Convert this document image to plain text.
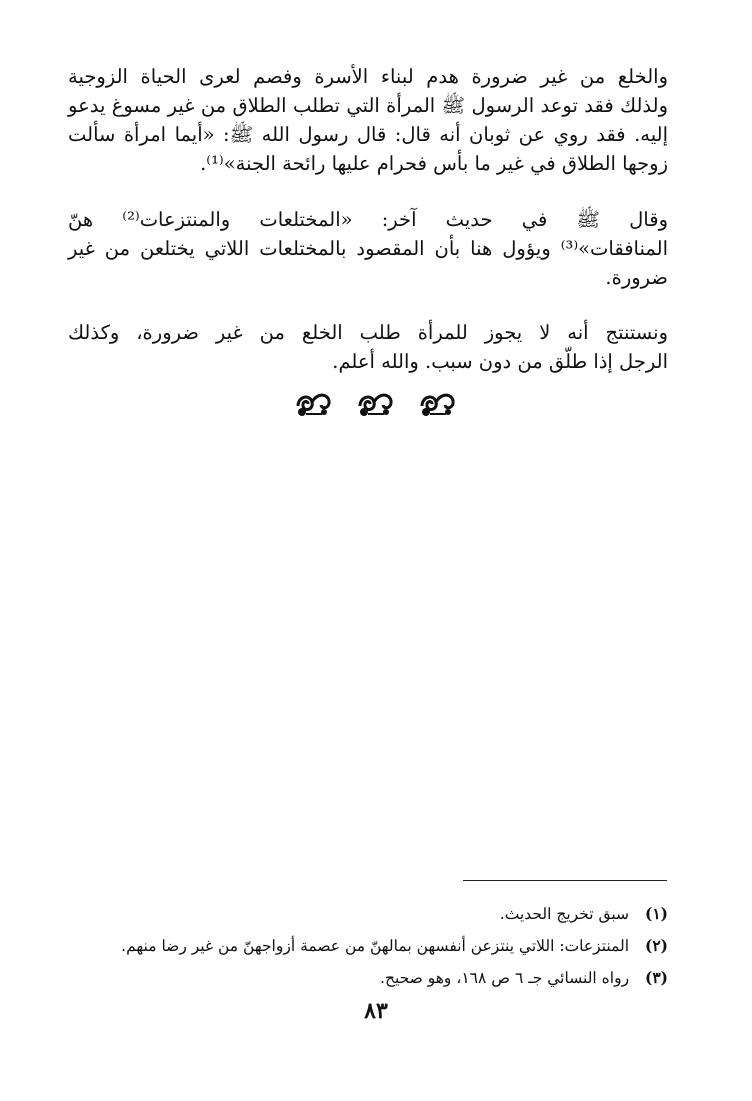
والخلع من غير ضرورة هدم لبناء الأسرة وفصم لعرى الحياة الزوجية
ولذلك فقد توعد الرسول ﷺ المرأة التي تطلب الطلاق من غير مسوغ يدعو
إليه. فقد روي عن ثوبان أنه قال: قال رسول الله ﷺ: «أيما امرأة سألت
زوجها الطلاق في غير ما بأس فحرام عليها رائحة الجنة»⁽¹⁾.
وقال ﷺ في حديث آخر: «المختلعات والمنتزعات⁽²⁾ هنّ
المنافقات»⁽³⁾ ويؤول هنا بأن المقصود بالمختلعات اللاتي يختلعن من غير
ضرورة.
ونستنتج أنه لا يجوز للمرأة طلب الخلع من غير ضرورة، وكذلك
الرجل إذا طلّق من دون سبب. والله أعلم.
(١) سبق تخريج الحديث.
(٢) المنتزعات: اللاتي ينتزعن أنفسهن بمالهنّ من عصمة أزواجهنّ من غير رضا منهم.
(٣) رواه النسائي جـ ٦ ص ١٦٨، وهو صحيح.
٨٣
